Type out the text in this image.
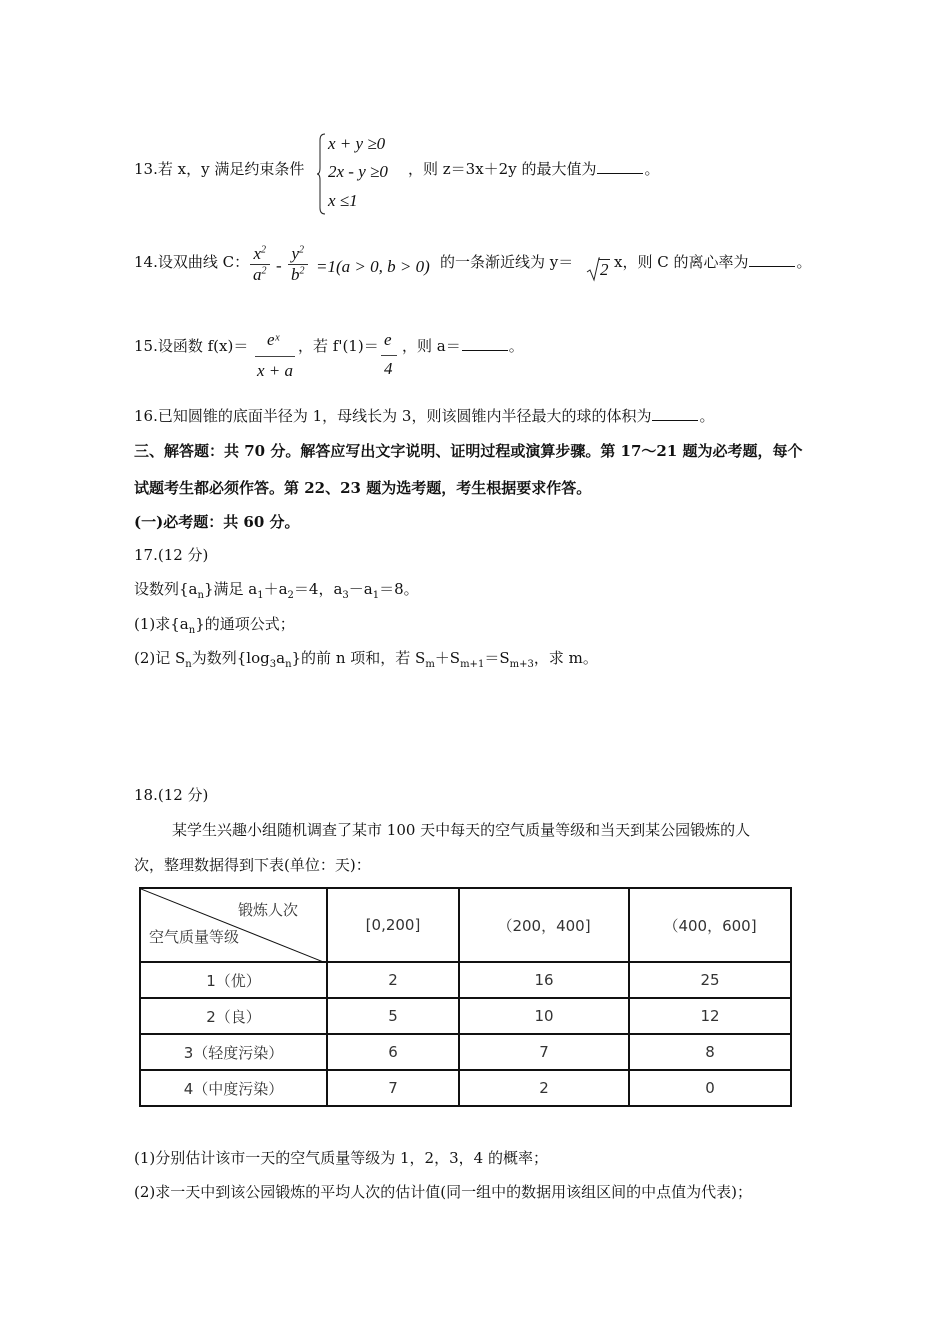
13.若 x，y 满足约束条件
x + y ≥0
2x - y ≥0
x ≤1
，则 z＝3x＋2y 的最大值为	。
14.设双曲线 C： $\frac{x^2}{a^2} - \frac{y^2}{b^2} =1(a > 0$, b > 0) 的一条渐近线为 y＝ 2 x，则 C 的离心率为	。
15.设函数 f(x)＝ eˣ
x + a
，若 f'(1)＝ e
4
，则 a＝	。
16.已知圆锥的底面半径为 1，母线长为 3，则该圆锥内半径最大的球的体积为	。
三、解答题：共 70 分。解答应写出文字说明、证明过程或演算步骤。第 17～21 题为必考题，每个
试题考生都必须作答。第 22、23 题为选考题，考生根据要求作答。
(一)必考题：共 60 分。
17.(12 分)
设数列$\{a_n\}$满足 $a_1+a_2=4$，$a_3-a_1=8$。
(1)求$\{a_n\}$的通项公式；
(2)记 $S_n$为数列$\{\log_3a_n\}$的前 n 项和，若 $S_m+S_{m+1}=S_{m+3}$，求 m。
18.(12 分)
某学生兴趣小组随机调查了某市 100 天中每天的空气质量等级和当天到某公园锻炼的人
次，整理数据得到下表(单位：天)：
锻炼人次
空气质量等级	[0,200]	（200，400]	（400，600]
1（优）	2	16	25
2（良）	5	10	12
3（轻度污染）	6	7	8
4（中度污染）	7	2	0
(1)分别估计该市一天的空气质量等级为 1，2，3，4 的概率；
(2)求一天中到该公园锻炼的平均人次的估计值(同一组中的数据用该组区间的中点值为代表)；
